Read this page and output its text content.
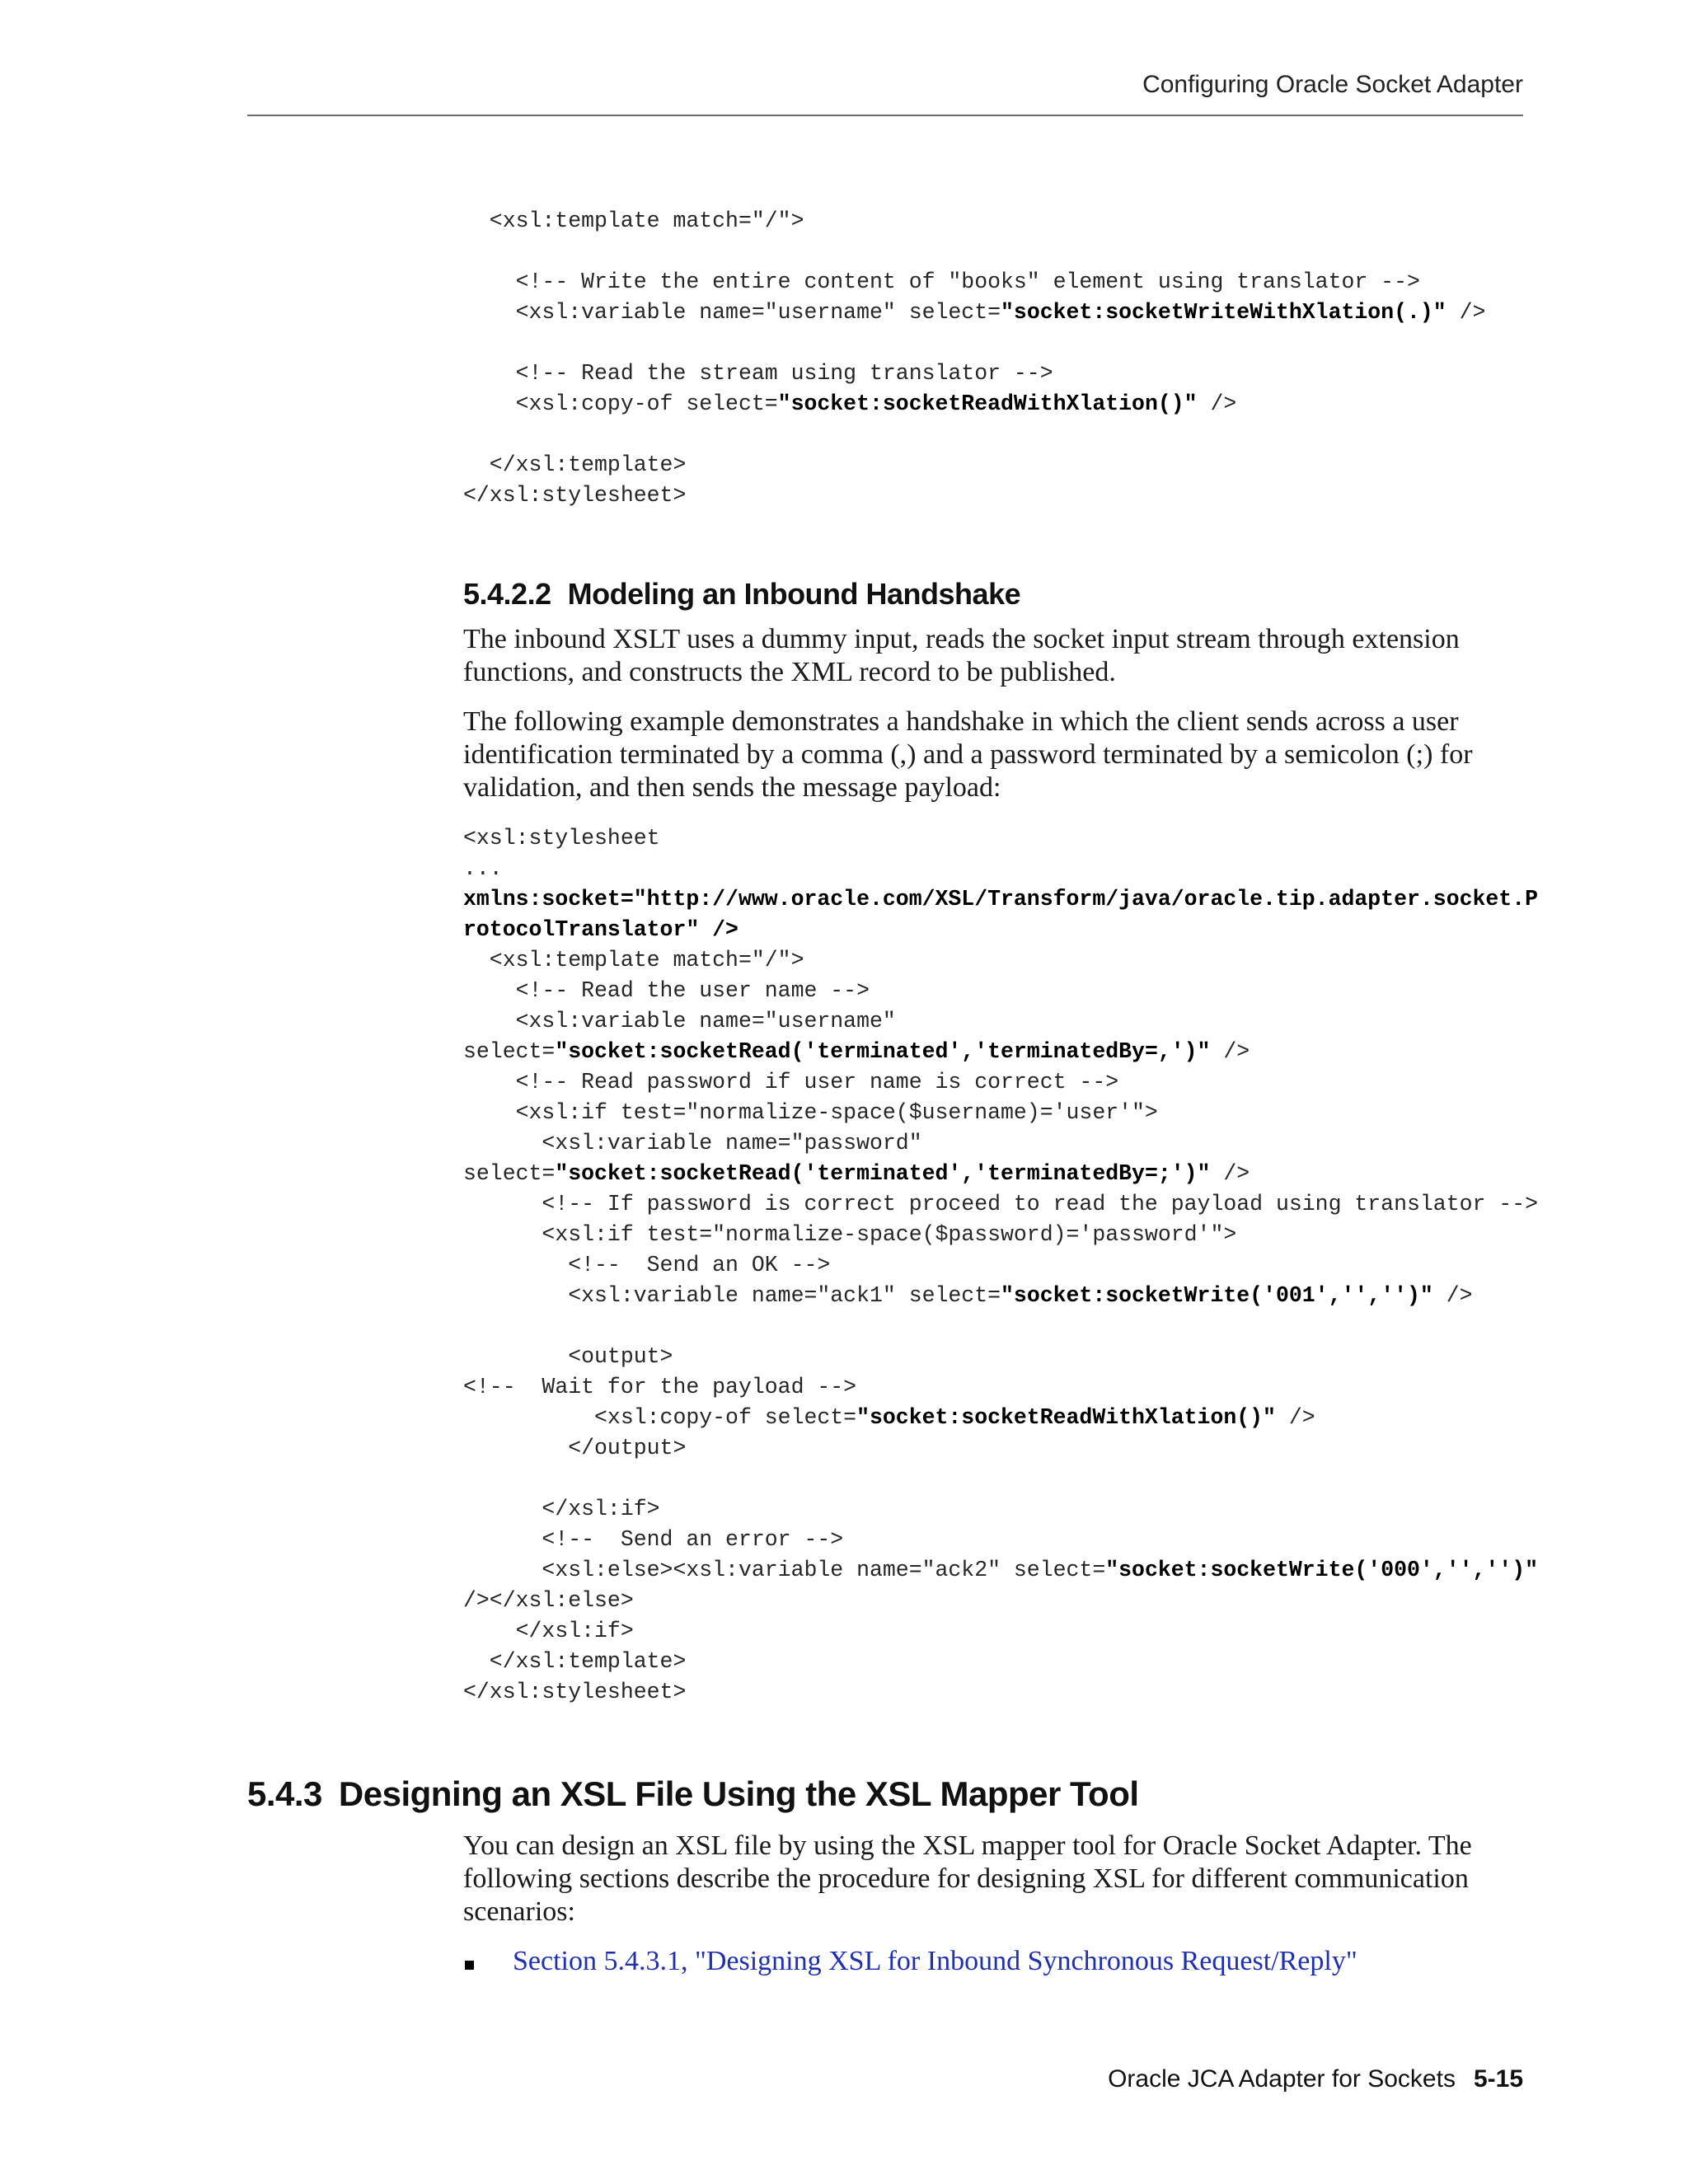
Configuring Oracle Socket Adapter
<xsl:template match="/">

<!-- Write the entire content of "books" element using translator -->
<xsl:variable name="username" select="socket:socketWriteWithXlation(.)" />

<!-- Read the stream using translator -->
<xsl:copy-of select="socket:socketReadWithXlation()" />

</xsl:template>
</xsl:stylesheet>
5.4.2.2 Modeling an Inbound Handshake

The inbound XSLT uses a dummy input, reads the socket input stream through extension functions, and constructs the XML record to be published.

The following example demonstrates a handshake in which the client sends across a user identification terminated by a comma (,) and a password terminated by a semicolon (;) for validation, and then sends the message payload:

<xsl:stylesheet
...
xmlns:socket="http://www.oracle.com/XSL/Transform/java/oracle.tip.adapter.socket.P
rotocolTranslator" />
<xsl:template match="/">
<!-- Read the user name -->
<xsl:variable name="username"
select="socket:socketRead('terminated','terminatedBy=,')" />
<!-- Read password if user name is correct -->
<xsl:if test="normalize-space($username)='user'">
<xsl:variable name="password"
select="socket:socketRead('terminated','terminatedBy=;')" />
<!-- If password is correct proceed to read the payload using translator -->
<xsl:if test="normalize-space($password)='password'">
<!--  Send an OK -->
<xsl:variable name="ack1" select="socket:socketWrite('001','','')" />

<output>
<!--  Wait for the payload -->
<xsl:copy-of select="socket:socketReadWithXlation()" />
</output>

</xsl:if>
<!--  Send an error -->
<xsl:else><xsl:variable name="ack2" select="socket:socketWrite('000','','')"
/></xsl:else>
</xsl:if>
</xsl:template>
</xsl:stylesheet>
5.4.3 Designing an XSL File Using the XSL Mapper Tool

You can design an XSL file by using the XSL mapper tool for Oracle Socket Adapter. The following sections describe the procedure for designing XSL for different communication scenarios:

Section 5.4.3.1, "Designing XSL for Inbound Synchronous Request/Reply"
Oracle JCA Adapter for Sockets 5-15
